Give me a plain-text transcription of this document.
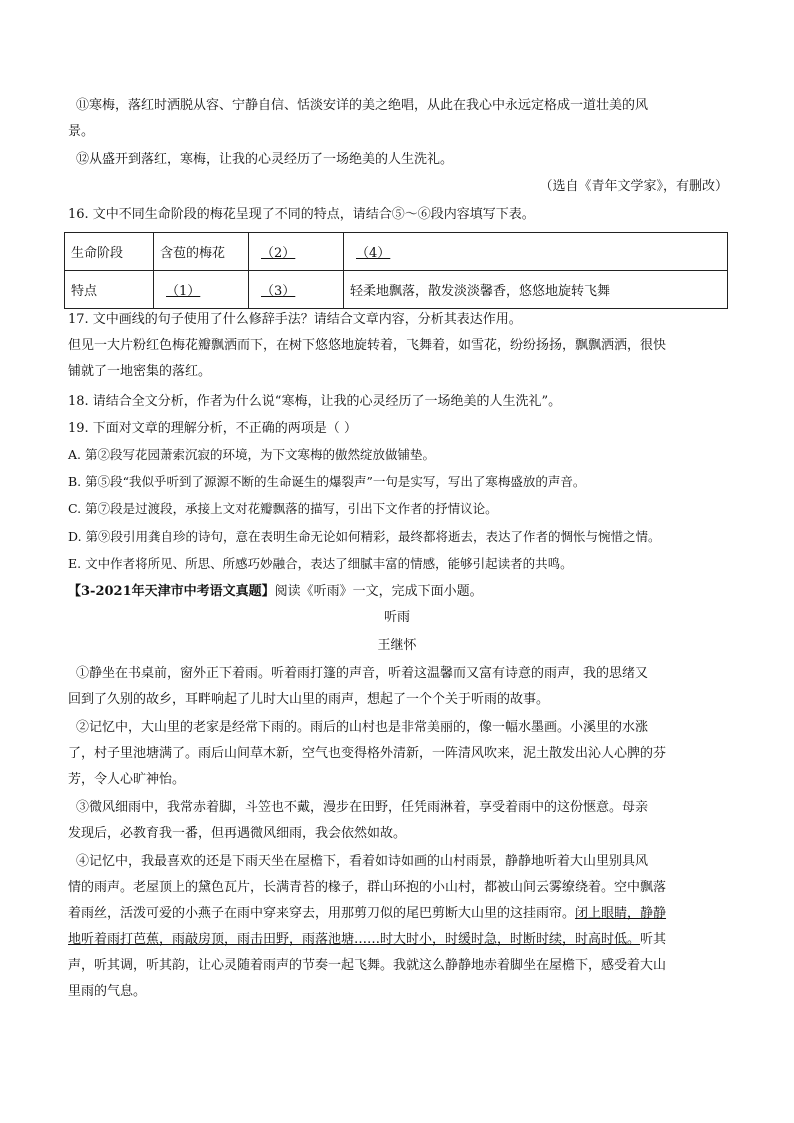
⑪寒梅，落红时洒脱从容、宁静自信、恬淡安详的美之绝唱，从此在我心中永远定格成一道壮美的风
景。
⑫从盛开到落红，寒梅，让我的心灵经历了一场绝美的人生洗礼。
（选自《青年文学家》，有删改）
16. 文中不同生命阶段的梅花呈现了不同的特点，请结合⑤～⑥段内容填写下表。
生命阶段	含苞的梅花	（2）	（4）
特点	（1）	（3）	轻柔地飘落，散发淡淡馨香，悠悠地旋转飞舞
17. 文中画线的句子使用了什么修辞手法？请结合文章内容，分析其表达作用。
但见一大片粉红色梅花瓣飘洒而下，在树下悠悠地旋转着，飞舞着，如雪花，纷纷扬扬，飘飘洒洒，很快
铺就了一地密集的落红。
18. 请结合全文分析，作者为什么说“寒梅，让我的心灵经历了一场绝美的人生洗礼”。
19. 下面对文章的理解分析，不正确的两项是（ ）
A. 第②段写花园萧索沉寂的环境，为下文寒梅的傲然绽放做铺垫。
B. 第⑤段“我似乎听到了源源不断的生命诞生的爆裂声”一句是实写，写出了寒梅盛放的声音。
C. 第⑦段是过渡段，承接上文对花瓣飘落的描写，引出下文作者的抒情议论。
D. 第⑨段引用龚自珍的诗句，意在表明生命无论如何精彩，最终都将逝去，表达了作者的惆怅与惋惜之情。
E. 文中作者将所见、所思、所感巧妙融合，表达了细腻丰富的情感，能够引起读者的共鸣。
【3-2021年天津市中考语文真题】阅读《听雨》一文，完成下面小题。
听雨
王继怀
①静坐在书桌前，窗外正下着雨。听着雨打篷的声音，听着这温馨而又富有诗意的雨声，我的思绪又
回到了久别的故乡，耳畔响起了儿时大山里的雨声，想起了一个个关于听雨的故事。
②记忆中，大山里的老家是经常下雨的。雨后的山村也是非常美丽的，像一幅水墨画。小溪里的水涨
了，村子里池塘满了。雨后山间草木新，空气也变得格外清新，一阵清风吹来，泥土散发出沁人心脾的芬
芳，令人心旷神怡。
③微风细雨中，我常赤着脚，斗笠也不戴，漫步在田野，任凭雨淋着，享受着雨中的这份惬意。母亲
发现后，必教育我一番，但再遇微风细雨，我会依然如故。
④记忆中，我最喜欢的还是下雨天坐在屋檐下，看着如诗如画的山村雨景，静静地听着大山里别具风
情的雨声。老屋顶上的黛色瓦片，长满青苔的椽子，群山环抱的小山村，都被山间云雾缭绕着。空中飘落
着雨丝，活泼可爱的小燕子在雨中穿来穿去，用那剪刀似的尾巴剪断大山里的这挂雨帘。闭上眼睛，静静
地听着雨打芭蕉，雨敲房顶，雨击田野，雨落池塘……时大时小，时缓时急，时断时续，时高时低。听其
声，听其调，听其韵，让心灵随着雨声的节奏一起飞舞。我就这么静静地赤着脚坐在屋檐下，感受着大山
里雨的气息。
